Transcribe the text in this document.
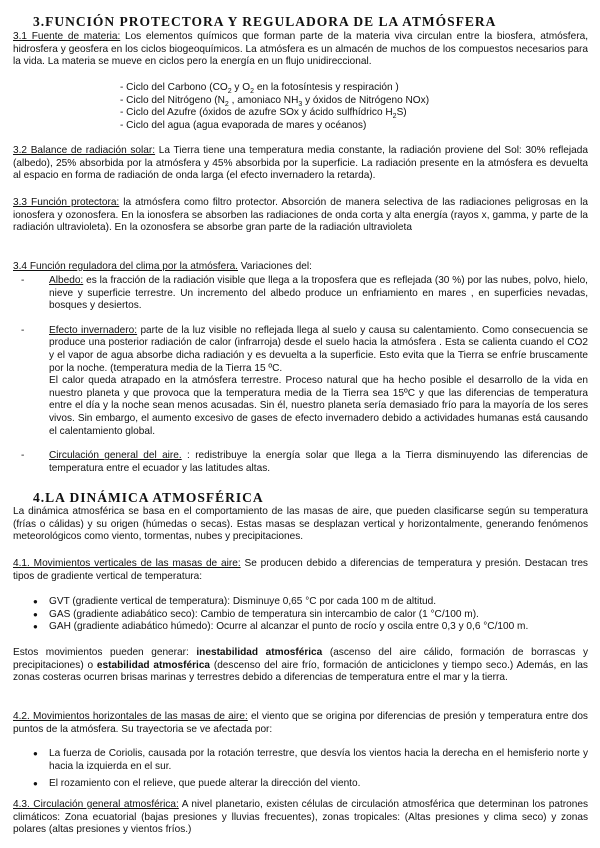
3.FUNCIÓN PROTECTORA Y REGULADORA DE LA ATMÓSFERA

3.1 Fuente de materia: Los elementos químicos que forman parte de la materia viva circulan entre la biosfera, atmósfera, hidrosfera y geosfera en los ciclos biogeoquímicos. La atmósfera es un almacén de muchos de los compuestos necesarios para la vida. La materia se mueve en ciclos pero la energía en un flujo unidireccional.

- Ciclo del Carbono ($CO_2$ y $O_2$ en la fotosíntesis y respiración )
- Ciclo del Nitrógeno ($N_2$ , amoniaco $NH_3$ y óxidos de Nitrógeno NOx)
- Ciclo del Azufre (óxidos de azufre SOx y ácido sulfhídrico $H_2S$)
- Ciclo del agua (agua evaporada de mares y océanos)

3.2 Balance de radiación solar: La Tierra tiene una temperatura media constante, la radiación proviene del Sol: 30% reflejada (albedo), 25% absorbida por la atmósfera y 45% absorbida por la superficie. La radiación presente en la atmósfera es devuelta al espacio en forma de radiación de onda larga (el efecto invernadero la retarda).

3.3 Función protectora: la atmósfera como filtro protector. Absorción de manera selectiva de las radiaciones peligrosas en la ionosfera y ozonosfera. En la ionosfera se absorben las radiaciones de onda corta y alta energía (rayos x, gamma, y parte de la radiación ultravioleta). En la ozonosfera se absorbe gran parte de la radiación ultravioleta

3.4 Función reguladora del clima por la atmósfera. Variaciones del:

- Albedo: es la fracción de la radiación visible que llega a la troposfera que es reflejada (30 %) por las nubes, polvo, hielo, nieve y superficie terrestre. Un incremento del albedo produce un enfriamiento en mares , en superficies nevadas, bosques y desiertos.
- Efecto invernadero: parte de la luz visible no reflejada llega al suelo y causa su calentamiento. Como consecuencia se produce una posterior radiación de calor (infrarroja) desde el suelo hacia la atmósfera . Esta se calienta cuando el CO2 y el vapor de agua absorbe dicha radiación y es devuelta a la superficie. Esto evita que la Tierra se enfríe bruscamente por la noche. (temperatura media de la Tierra 15 ºC.
El calor queda atrapado en la atmósfera terrestre. Proceso natural que ha hecho posible el desarrollo de la vida en nuestro planeta y que provoca que la temperatura media de la Tierra sea 15ºC y que las diferencias de temperatura entre el día y la noche sean menos acusadas. Sin él, nuestro planeta sería demasiado frío para la mayoría de los seres vivos. Sin embargo, el aumento excesivo de gases de efecto invernadero debido a actividades humanas está causando el calentamiento global.
- Circulación general del aire. : redistribuye la energía solar que llega a la Tierra disminuyendo las diferencias de temperatura entre el ecuador y las latitudes altas.
4.LA DINÁMICA ATMOSFÉRICA

La dinámica atmosférica se basa en el comportamiento de las masas de aire, que pueden clasificarse según su temperatura (frías o cálidas) y su origen (húmedas o secas). Estas masas se desplazan vertical y horizontalmente, generando fenómenos meteorológicos como viento, tormentas, nubes y precipitaciones.

4.1. Movimientos verticales de las masas de aire: Se producen debido a diferencias de temperatura y presión. Destacan tres tipos de gradiente vertical de temperatura:

● GVT (gradiente vertical de temperatura): Disminuye 0,65 °C por cada 100 m de altitud.
● GAS (gradiente adiabático seco): Cambio de temperatura sin intercambio de calor (1 °C/100 m).
● GAH (gradiente adiabático húmedo): Ocurre al alcanzar el punto de rocío y oscila entre 0,3 y 0,6 °C/100 m.

Estos movimientos pueden generar: inestabilidad atmosférica (ascenso del aire cálido, formación de borrascas y precipitaciones) o estabilidad atmosférica (descenso del aire frío, formación de anticiclones y tiempo seco.) Además, en las zonas costeras ocurren brisas marinas y terrestres debido a diferencias de temperatura entre el mar y la tierra.

4.2. Movimientos horizontales de las masas de aire: el viento que se origina por diferencias de presión y temperatura entre dos puntos de la atmósfera. Su trayectoria se ve afectada por:

● La fuerza de Coriolis, causada por la rotación terrestre, que desvía los vientos hacia la derecha en el hemisferio norte y hacia la izquierda en el sur.
● El rozamiento con el relieve, que puede alterar la dirección del viento.

4.3. Circulación general atmosférica: A nivel planetario, existen células de circulación atmosférica que determinan los patrones climáticos: Zona ecuatorial (bajas presiones y lluvias frecuentes), zonas tropicales: (Altas presiones y clima seco) y zonas polares (altas presiones y vientos fríos.)
